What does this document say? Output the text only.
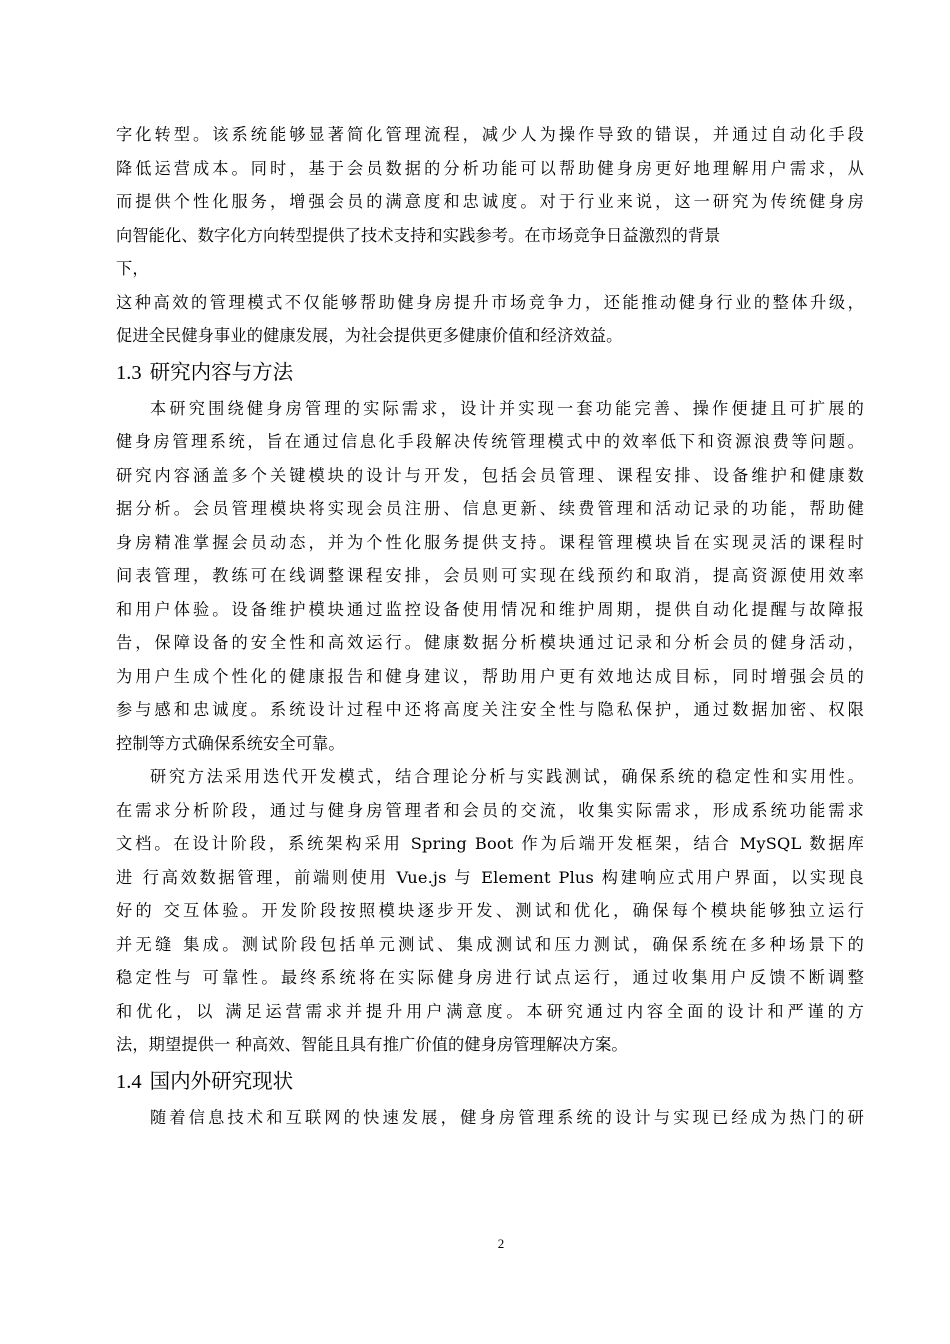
字化转型。该系统能够显著简化管理流程，减少人为操作导致的错误，并通过自动化手段
降低运营成本。同时，基于会员数据的分析功能可以帮助健身房更好地理解用户需求，从
而提供个性化服务，增强会员的满意度和忠诚度。对于行业来说，这一研究为传统健身房
向智能化、数字化方向转型提供了技术支持和实践参考。在市场竞争日益激烈的背景
下，
这种高效的管理模式不仅能够帮助健身房提升市场竞争力，还能推动健身行业的整体升级，
促进全民健身事业的健康发展，为社会提供更多健康价值和经济效益。
1.3 研究内容与方法
本研究围绕健身房管理的实际需求，设计并实现一套功能完善、操作便捷且可扩展的
健身房管理系统，旨在通过信息化手段解决传统管理模式中的效率低下和资源浪费等问题。
研究内容涵盖多个关键模块的设计与开发，包括会员管理、课程安排、设备维护和健康数
据分析。会员管理模块将实现会员注册、信息更新、续费管理和活动记录的功能，帮助健
身房精准掌握会员动态，并为个性化服务提供支持。课程管理模块旨在实现灵活的课程时
间表管理，教练可在线调整课程安排，会员则可实现在线预约和取消，提高资源使用效率
和用户体验。设备维护模块通过监控设备使用情况和维护周期，提供自动化提醒与故障报
告，保障设备的安全性和高效运行。健康数据分析模块通过记录和分析会员的健身活动，
为用户生成个性化的健康报告和健身建议，帮助用户更有效地达成目标，同时增强会员的
参与感和忠诚度。系统设计过程中还将高度关注安全性与隐私保护，通过数据加密、权限
控制等方式确保系统安全可靠。
研究方法采用迭代开发模式，结合理论分析与实践测试，确保系统的稳定性和实用性。
在需求分析阶段，通过与健身房管理者和会员的交流，收集实际需求，形成系统功能需求
文档。在设计阶段，系统架构采用 Spring Boot 作为后端开发框架，结合 MySQL 数据库
进 行高效数据管理，前端则使用 Vue.js 与 Element Plus 构建响应式用户界面，以实现良
好的 交互体验。开发阶段按照模块逐步开发、测试和优化，确保每个模块能够独立运行
并无缝 集成。测试阶段包括单元测试、集成测试和压力测试，确保系统在多种场景下的
稳定性与 可靠性。最终系统将在实际健身房进行试点运行，通过收集用户反馈不断调整
和优化，以 满足运营需求并提升用户满意度。本研究通过内容全面的设计和严谨的方
法，期望提供一 种高效、智能且具有推广价值的健身房管理解决方案。
1.4 国内外研究现状
随着信息技术和互联网的快速发展，健身房管理系统的设计与实现已经成为热门的研
2
